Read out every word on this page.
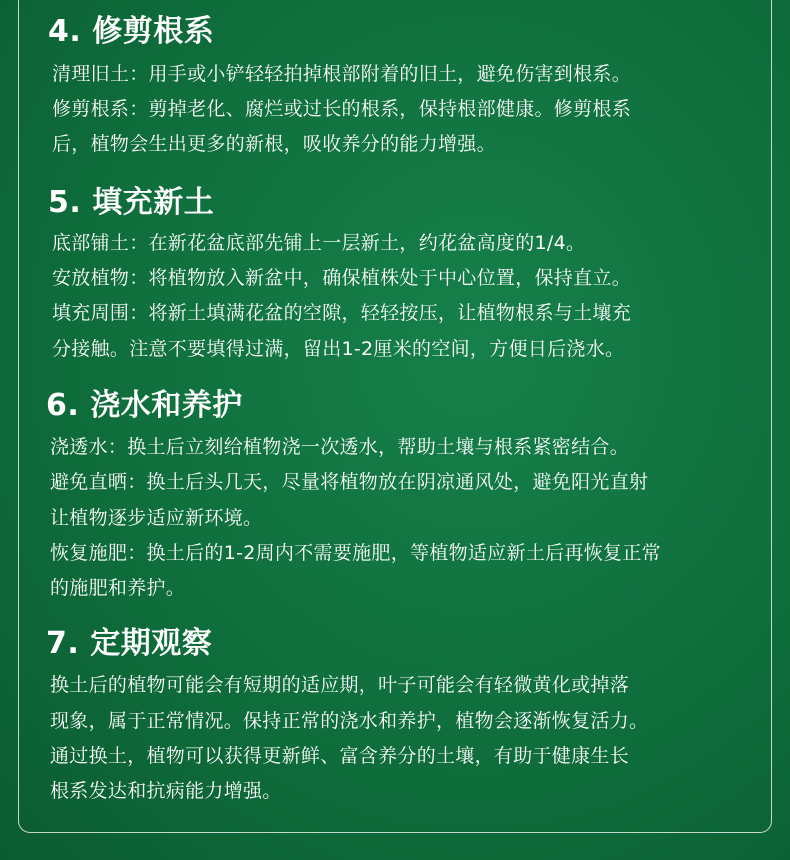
4. 修剪根系
清理旧土：用手或小铲轻轻拍掉根部附着的旧土，避免伤害到根系。
修剪根系：剪掉老化、腐烂或过长的根系，保持根部健康。修剪根系
后，植物会生出更多的新根，吸收养分的能力增强。
5. 填充新土
底部铺土：在新花盆底部先铺上一层新土，约花盆高度的1/4。
安放植物：将植物放入新盆中，确保植株处于中心位置，保持直立。
填充周围：将新土填满花盆的空隙，轻轻按压，让植物根系与土壤充
分接触。注意不要填得过满，留出1-2厘米的空间，方便日后浇水。
6. 浇水和养护
浇透水：换土后立刻给植物浇一次透水，帮助土壤与根系紧密结合。
避免直晒：换土后头几天，尽量将植物放在阴凉通风处，避免阳光直射
让植物逐步适应新环境。
恢复施肥：换土后的1-2周内不需要施肥，等植物适应新土后再恢复正常
的施肥和养护。
7. 定期观察
换土后的植物可能会有短期的适应期，叶子可能会有轻微黄化或掉落
现象，属于正常情况。保持正常的浇水和养护，植物会逐渐恢复活力。
通过换土，植物可以获得更新鲜、富含养分的土壤，有助于健康生长
根系发达和抗病能力增强。
